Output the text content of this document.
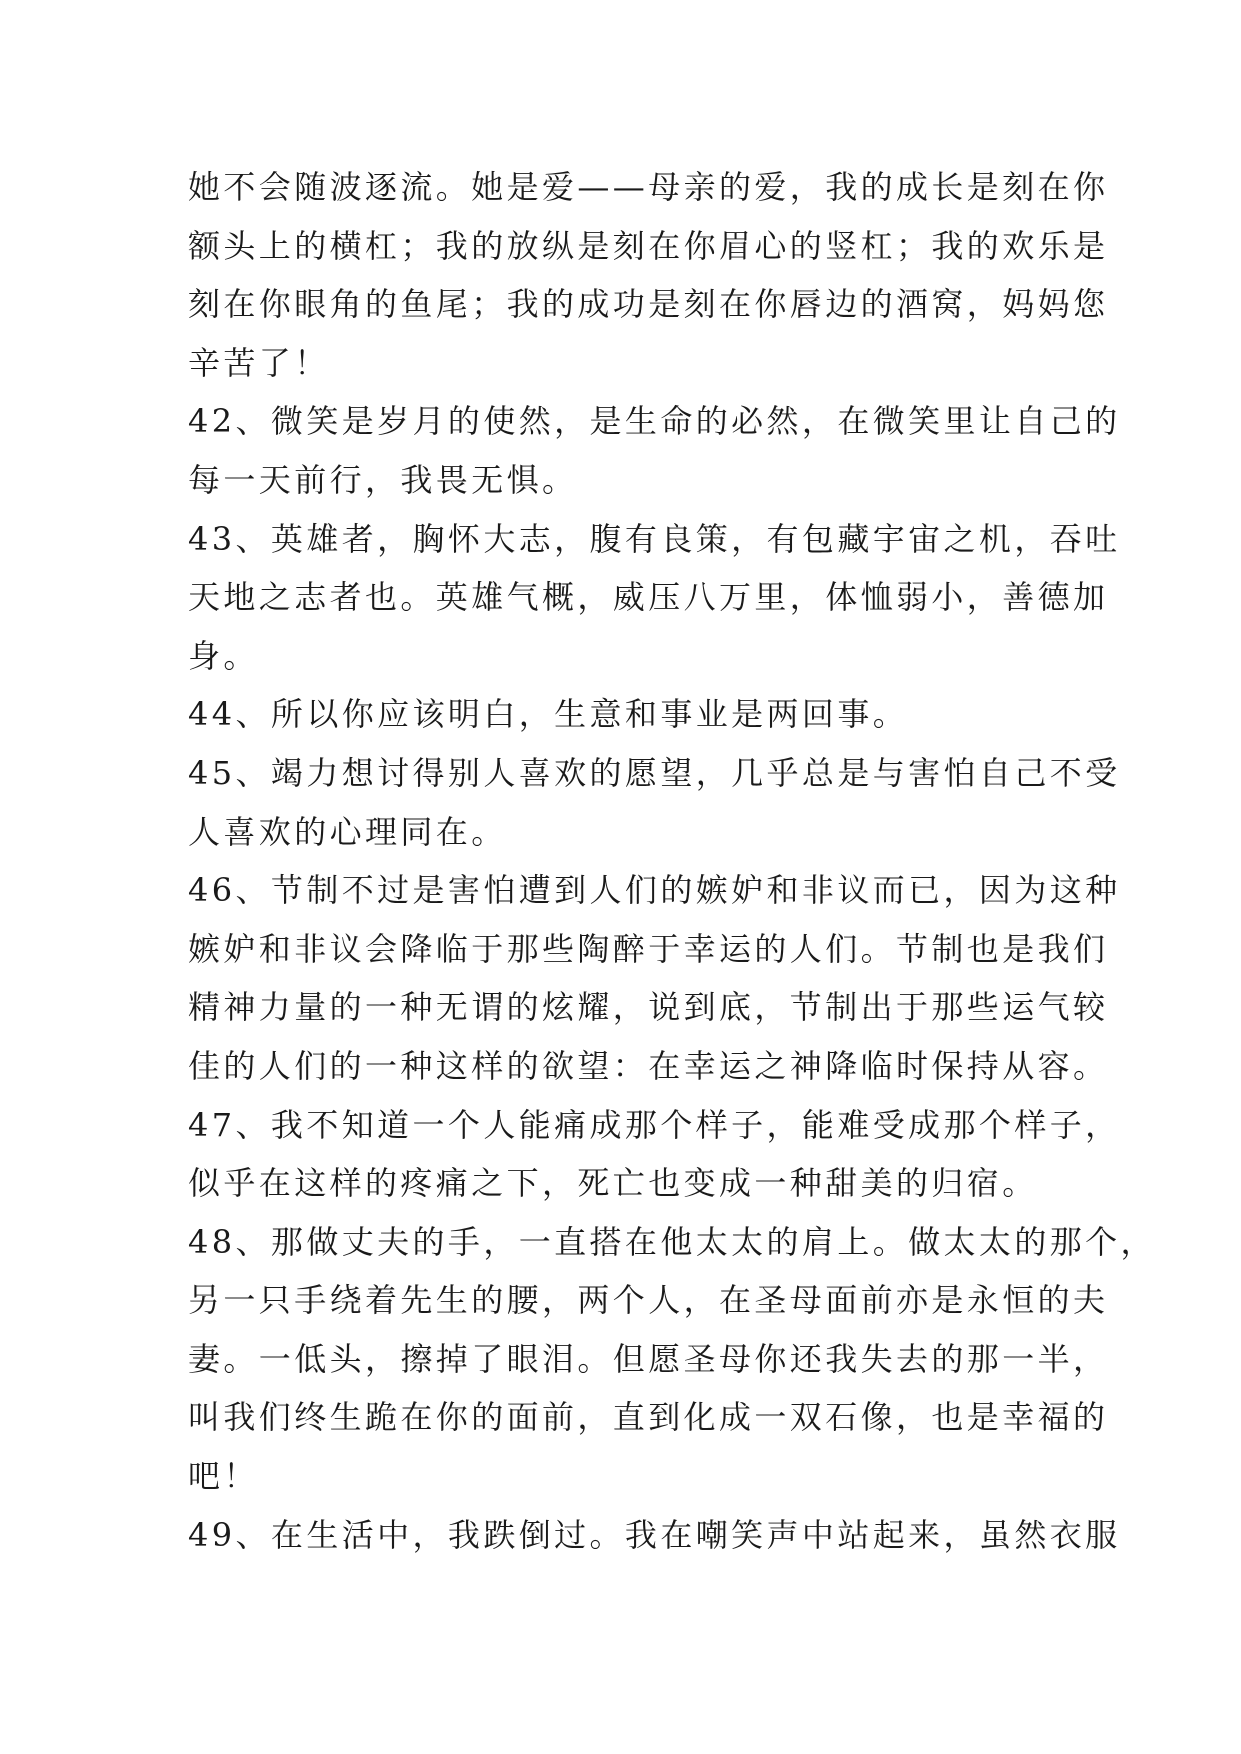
她不会随波逐流。她是爱——母亲的爱，我的成长是刻在你
额头上的横杠；我的放纵是刻在你眉心的竖杠；我的欢乐是
刻在你眼角的鱼尾；我的成功是刻在你唇边的酒窝，妈妈您
辛苦了！
42、微笑是岁月的使然，是生命的必然，在微笑里让自己的
每一天前行，我畏无惧。
43、英雄者，胸怀大志，腹有良策，有包藏宇宙之机，吞吐
天地之志者也。英雄气概，威压八万里，体恤弱小，善德加
身。
44、所以你应该明白，生意和事业是两回事。
45、竭力想讨得别人喜欢的愿望，几乎总是与害怕自己不受
人喜欢的心理同在。
46、节制不过是害怕遭到人们的嫉妒和非议而已，因为这种
嫉妒和非议会降临于那些陶醉于幸运的人们。节制也是我们
精神力量的一种无谓的炫耀，说到底，节制出于那些运气较
佳的人们的一种这样的欲望：在幸运之神降临时保持从容。
47、我不知道一个人能痛成那个样子，能难受成那个样子，
似乎在这样的疼痛之下，死亡也变成一种甜美的归宿。
48、那做丈夫的手，一直搭在他太太的肩上。做太太的那个，
另一只手绕着先生的腰，两个人，在圣母面前亦是永恒的夫
妻。一低头，擦掉了眼泪。但愿圣母你还我失去的那一半，
叫我们终生跪在你的面前，直到化成一双石像，也是幸福的
吧！
49、在生活中，我跌倒过。我在嘲笑声中站起来，虽然衣服
